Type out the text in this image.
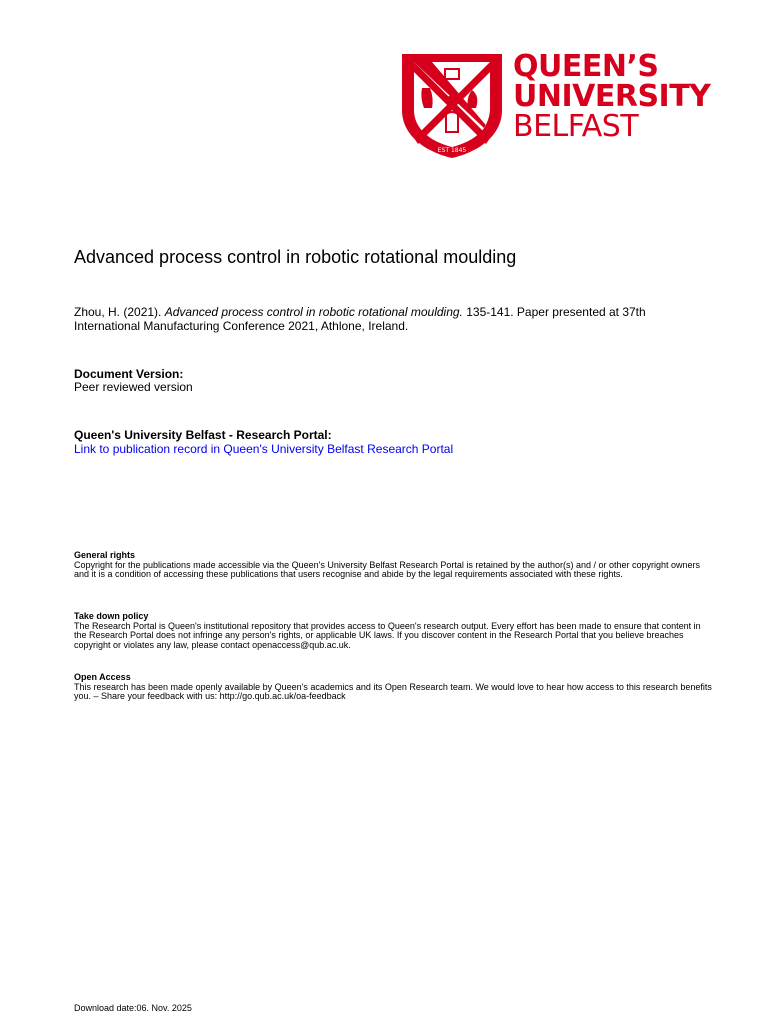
EST 1845
QUEEN’S
UNIVERSITY
BELFAST
Advanced process control in robotic rotational moulding
Zhou, H. (2021). Advanced process control in robotic rotational moulding. 135-141. Paper presented at 37th International Manufacturing Conference 2021, Athlone, Ireland.
Document Version:
Peer reviewed version
Queen's University Belfast - Research Portal:
Link to publication record in Queen's University Belfast Research Portal
General rights
Copyright for the publications made accessible via the Queen's University Belfast Research Portal is retained by the author(s) and / or other copyright owners and it is a condition of accessing these publications that users recognise and abide by the legal requirements associated with these rights.
Take down policy
The Research Portal is Queen's institutional repository that provides access to Queen's research output. Every effort has been made to ensure that content in the Research Portal does not infringe any person's rights, or applicable UK laws. If you discover content in the Research Portal that you believe breaches copyright or violates any law, please contact openaccess@qub.ac.uk.
Open Access
This research has been made openly available by Queen's academics and its Open Research team. We would love to hear how access to this research benefits you. – Share your feedback with us: http://go.qub.ac.uk/oa-feedback
Download date:06. Nov. 2025
